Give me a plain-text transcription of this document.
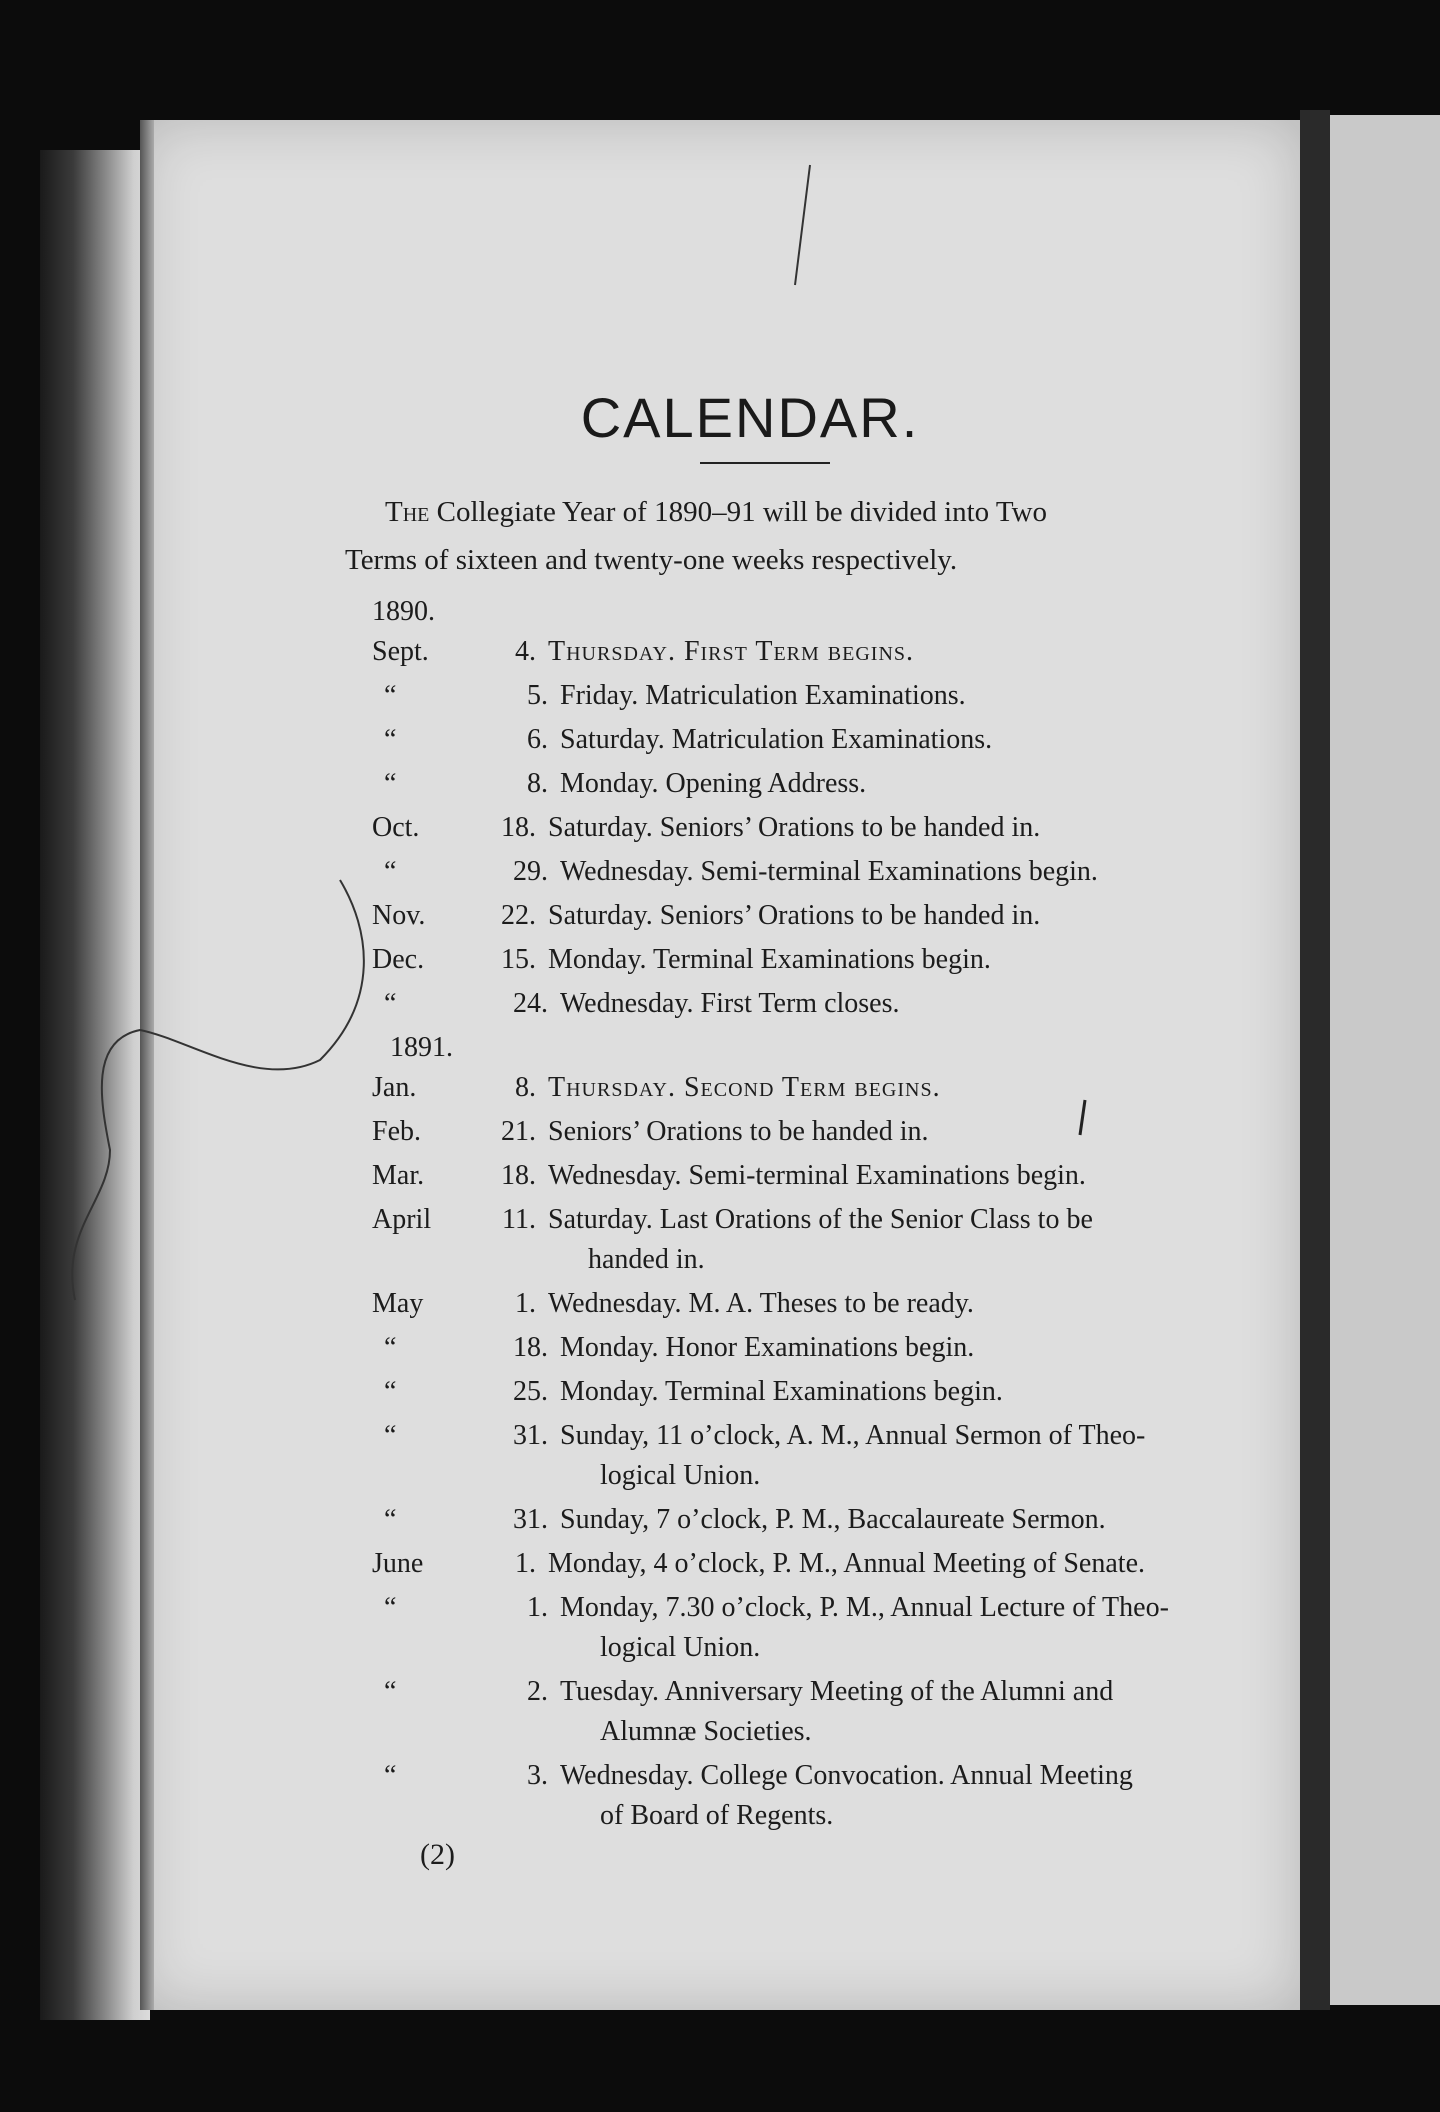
CALENDAR.
The Collegiate Year of 1890–91 will be divided into Two
Terms of sixteen and twenty-one weeks respectively.
1890.
Sept.	4. Thursday. First Term begins.
“	5. Friday. Matriculation Examinations.
“	6. Saturday. Matriculation Examinations.
“	8. Monday. Opening Address.
Oct.	18. Saturday. Seniors’ Orations to be handed in.
“	29. Wednesday. Semi-terminal Examinations begin.
Nov.	22. Saturday. Seniors’ Orations to be handed in.
Dec.	15. Monday. Terminal Examinations begin.
“	24. Wednesday. First Term closes.
1891.
Jan.	8. Thursday. Second Term begins.
Feb.	21. Seniors’ Orations to be handed in.
Mar.	18. Wednesday. Semi-terminal Examinations begin.
April	11. Saturday. Last Orations of the Senior Class to be
handed in.
May	1. Wednesday. M. A. Theses to be ready.
“	18. Monday. Honor Examinations begin.
“	25. Monday. Terminal Examinations begin.
“	31. Sunday, 11 o’clock, A. M., Annual Sermon of Theo-
logical Union.
“	31. Sunday, 7 o’clock, P. M., Baccalaureate Sermon.
June	1. Monday, 4 o’clock, P. M., Annual Meeting of Senate.
“	1. Monday, 7.30 o’clock, P. M., Annual Lecture of Theo-
logical Union.
“	2. Tuesday. Anniversary Meeting of the Alumni and
Alumnæ Societies.
“	3. Wednesday. College Convocation. Annual Meeting
of Board of Regents.
(2)
